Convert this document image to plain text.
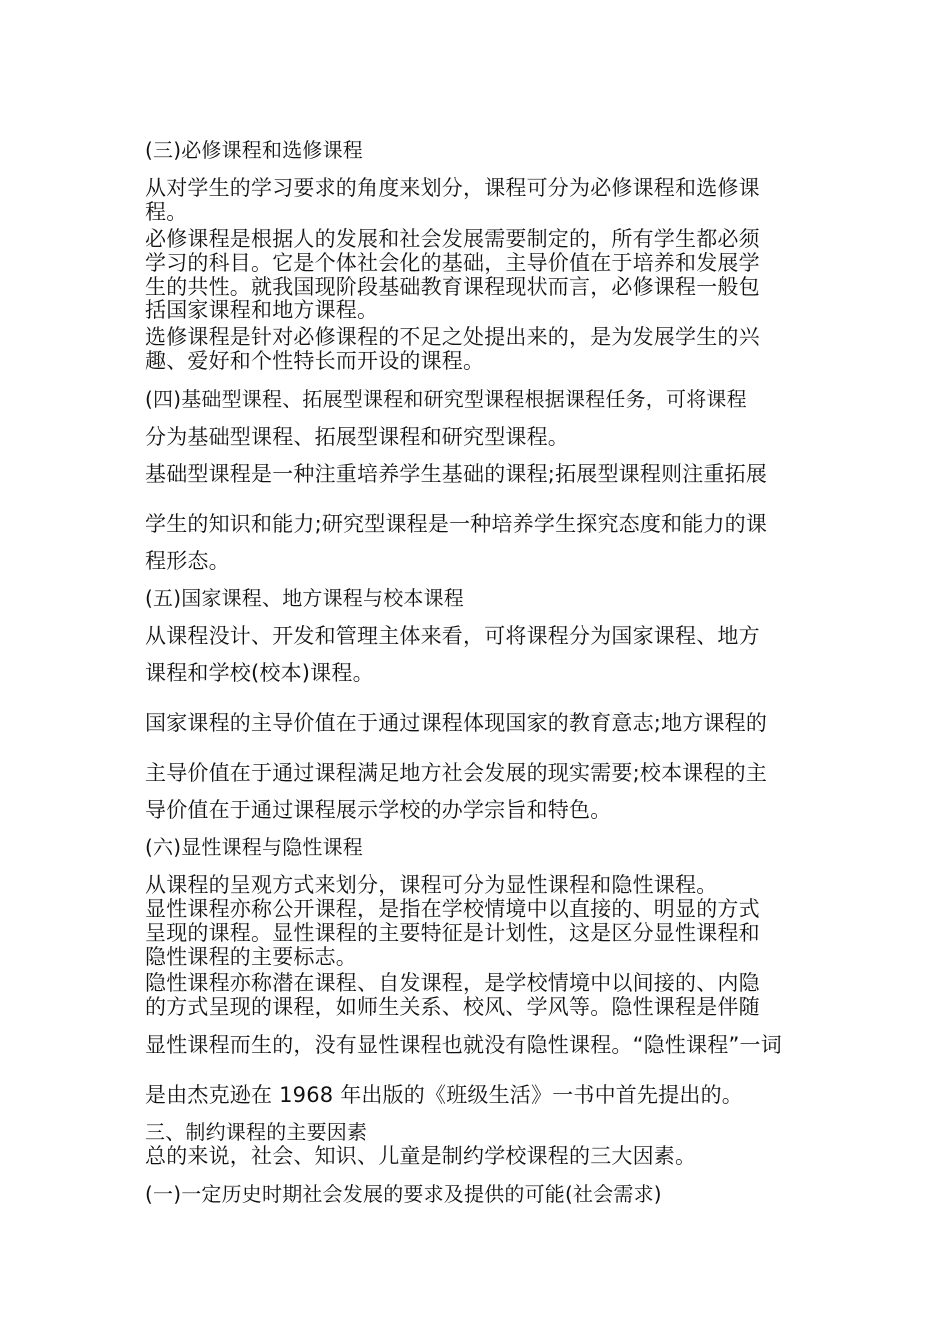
(三)必修课程和选修课程
从对学生的学习要求的角度来划分，课程可分为必修课程和选修课
程。
必修课程是根据人的发展和社会发展需要制定的，所有学生都必须
学习的科目。它是个体社会化的基础，主导价值在于培养和发展学
生的共性。就我国现阶段基础教育课程现状而言，必修课程一般包
括国家课程和地方课程。
选修课程是针对必修课程的不足之处提出来的，是为发展学生的兴
趣、爱好和个性特长而开设的课程。
(四)基础型课程、拓展型课程和研究型课程根据课程任务，可将课程
分为基础型课程、拓展型课程和研究型课程。
基础型课程是一种注重培养学生基础的课程;拓展型课程则注重拓展
学生的知识和能力;研究型课程是一种培养学生探究态度和能力的课
程形态。
(五)国家课程、地方课程与校本课程
从课程没计、开发和管理主体来看，可将课程分为国家课程、地方
课程和学校(校本)课程。
国家课程的主导价值在于通过课程体现国家的教育意志;地方课程的
主导价值在于通过课程满足地方社会发展的现实需要;校本课程的主
导价值在于通过课程展示学校的办学宗旨和特色。
(六)显性课程与隐性课程
从课程的呈观方式来划分，课程可分为显性课程和隐性课程。
显性课程亦称公开课程，是指在学校情境中以直接的、明显的方式
呈现的课程。显性课程的主要特征是计划性，这是区分显性课程和
隐性课程的主要标志。
隐性课程亦称潜在课程、自发课程，是学校情境中以间接的、内隐
的方式呈现的课程，如师生关系、校风、学风等。隐性课程是伴随
显性课程而生的，没有显性课程也就没有隐性课程。“隐性课程”一词
是由杰克逊在 1968 年出版的《班级生活》一书中首先提出的。
三、制约课程的主要因素
总的来说，社会、知识、儿童是制约学校课程的三大因素。
(一)一定历史时期社会发展的要求及提供的可能(社会需求)
